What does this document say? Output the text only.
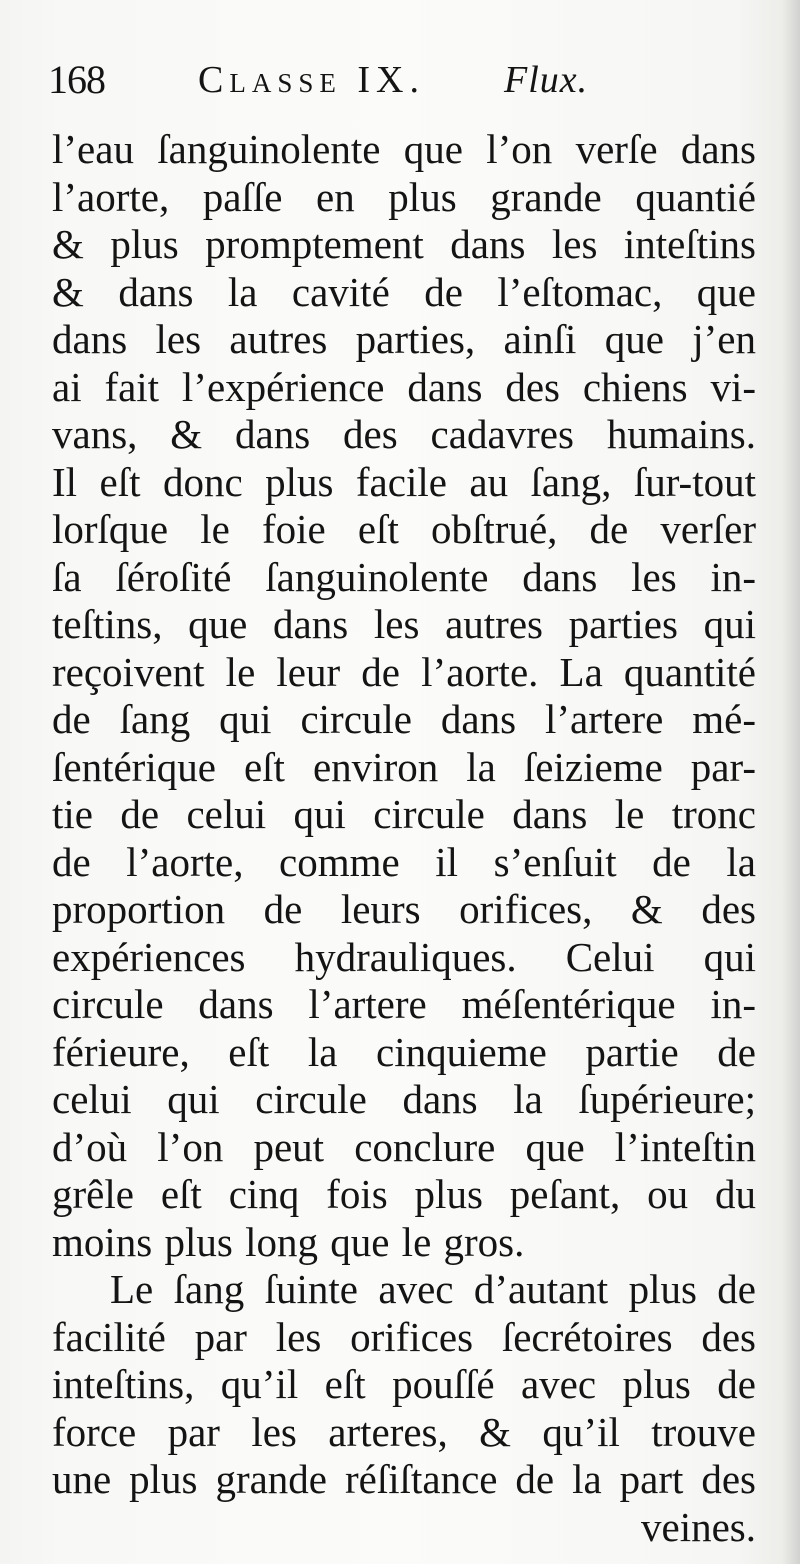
168 Classe IX. Flux.
l’eau ſanguinolente que l’on verſe dans
l’aorte, paſſe en plus grande quantié
& plus promptement dans les inteſtins
& dans la cavité de l’eſtomac, que
dans les autres parties, ainſi que j’en
ai fait l’expérience dans des chiens vi-
vans, & dans des cadavres humains.
Il eſt donc plus facile au ſang, ſur-tout
lorſque le foie eſt obſtrué, de verſer
ſa ſéroſité ſanguinolente dans les in-
teſtins, que dans les autres parties qui
reçoivent le leur de l’aorte. La quantité
de ſang qui circule dans l’artere mé-
ſentérique eſt environ la ſeizieme par-
tie de celui qui circule dans le tronc
de l’aorte, comme il s’enſuit de la
proportion de leurs orifices, & des
expériences hydrauliques. Celui qui
circule dans l’artere méſentérique in-
férieure, eſt la cinquieme partie de
celui qui circule dans la ſupérieure;
d’où l’on peut conclure que l’inteſtin
grêle eſt cinq fois plus peſant, ou du
moins plus long que le gros.
Le ſang ſuinte avec d’autant plus de
facilité par les orifices ſecrétoires des
inteſtins, qu’il eſt pouſſé avec plus de
force par les arteres, & qu’il trouve
une plus grande réſiſtance de la part des
veines.
